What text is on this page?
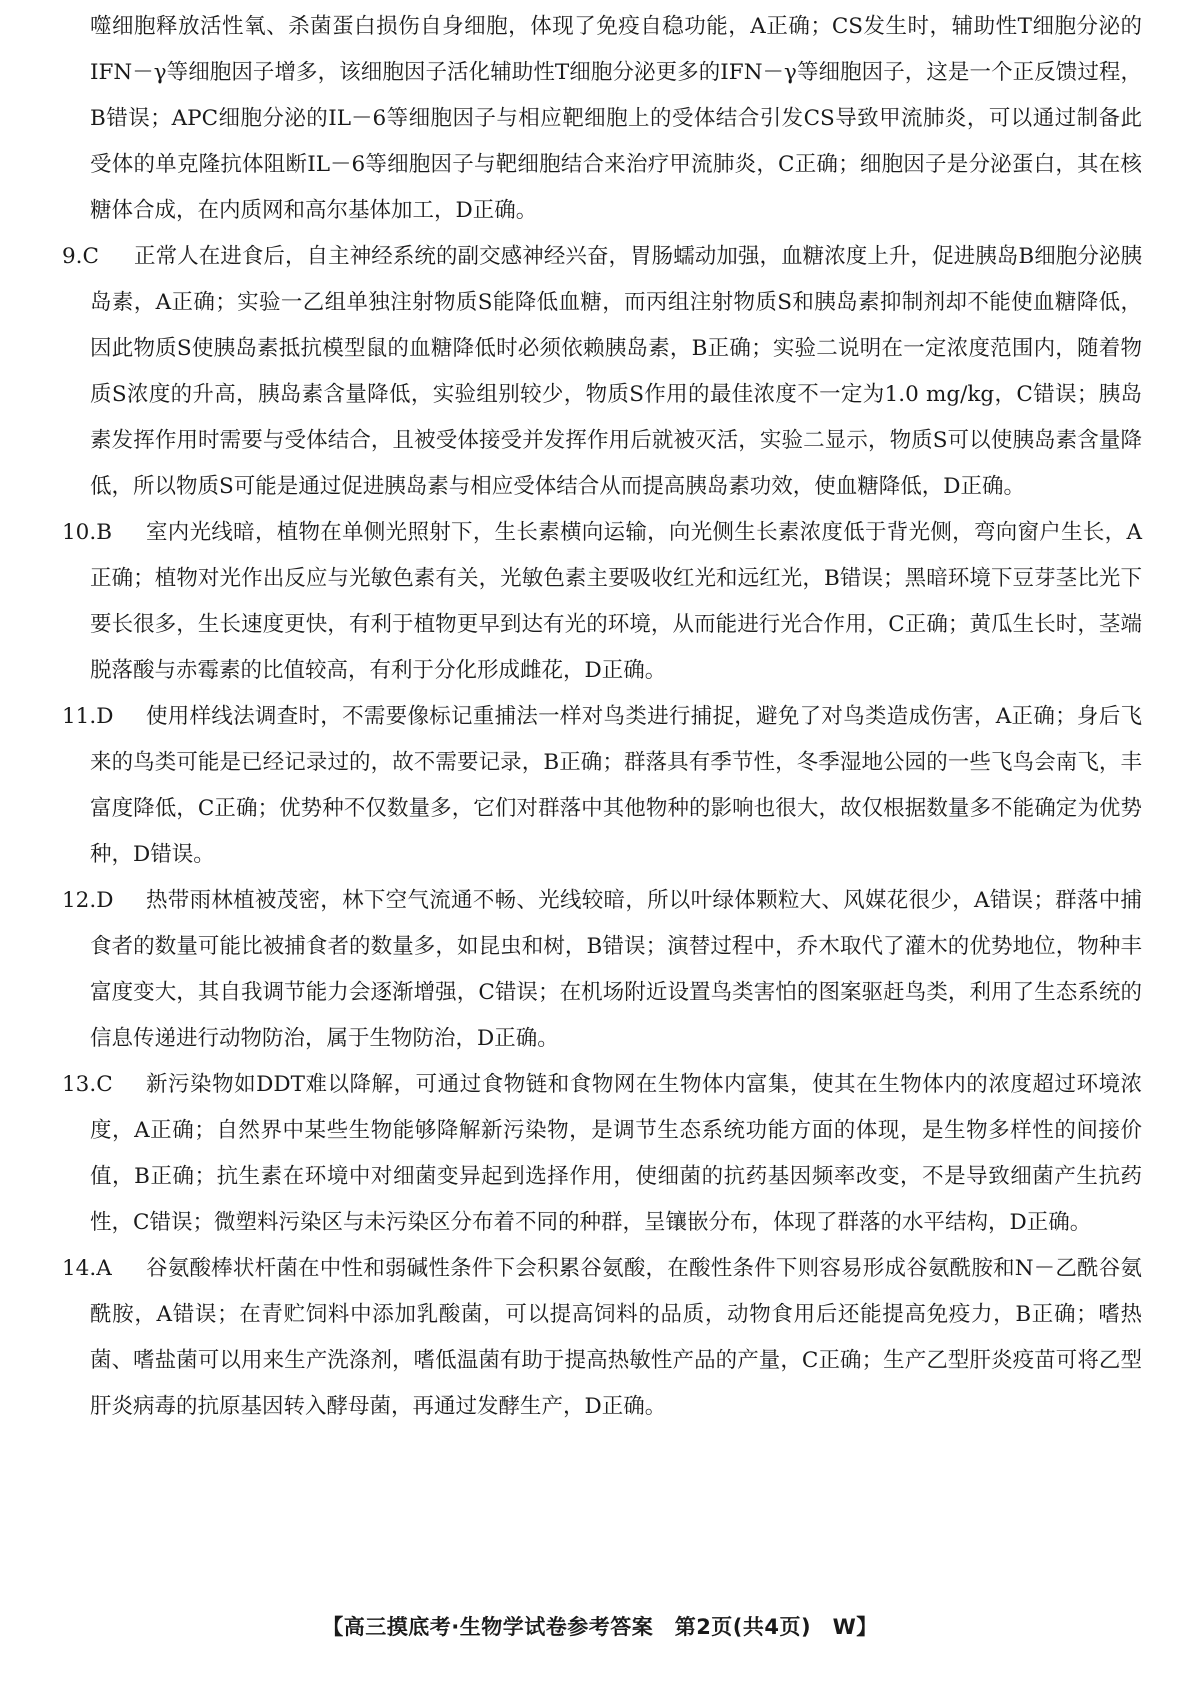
噬细胞释放活性氧、杀菌蛋白损伤自身细胞，体现了免疫自稳功能，A正确；CS发生时，辅助性T细胞分泌的IFN－γ等细胞因子增多，该细胞因子活化辅助性T细胞分泌更多的IFN－γ等细胞因子，这是一个正反馈过程，B错误；APC细胞分泌的IL－6等细胞因子与相应靶细胞上的受体结合引发CS导致甲流肺炎，可以通过制备此受体的单克隆抗体阻断IL－6等细胞因子与靶细胞结合来治疗甲流肺炎，C正确；细胞因子是分泌蛋白，其在核糖体合成，在内质网和高尔基体加工，D正确。

9.C	正常人在进食后，自主神经系统的副交感神经兴奋，胃肠蠕动加强，血糖浓度上升，促进胰岛B细胞分泌胰岛素，A正确；实验一乙组单独注射物质S能降低血糖，而丙组注射物质S和胰岛素抑制剂却不能使血糖降低，因此物质S使胰岛素抵抗模型鼠的血糖降低时必须依赖胰岛素，B正确；实验二说明在一定浓度范围内，随着物质S浓度的升高，胰岛素含量降低，实验组别较少，物质S作用的最佳浓度不一定为1.0 mg/kg，C错误；胰岛素发挥作用时需要与受体结合，且被受体接受并发挥作用后就被灭活，实验二显示，物质S可以使胰岛素含量降低，所以物质S可能是通过促进胰岛素与相应受体结合从而提高胰岛素功效，使血糖降低，D正确。

10.B	室内光线暗，植物在单侧光照射下，生长素横向运输，向光侧生长素浓度低于背光侧，弯向窗户生长，A正确；植物对光作出反应与光敏色素有关，光敏色素主要吸收红光和远红光，B错误；黑暗环境下豆芽茎比光下要长很多，生长速度更快，有利于植物更早到达有光的环境，从而能进行光合作用，C正确；黄瓜生长时，茎端脱落酸与赤霉素的比值较高，有利于分化形成雌花，D正确。

11.D	使用样线法调查时，不需要像标记重捕法一样对鸟类进行捕捉，避免了对鸟类造成伤害，A正确；身后飞来的鸟类可能是已经记录过的，故不需要记录，B正确；群落具有季节性，冬季湿地公园的一些飞鸟会南飞，丰富度降低，C正确；优势种不仅数量多，它们对群落中其他物种的影响也很大，故仅根据数量多不能确定为优势种，D错误。

12.D	热带雨林植被茂密，林下空气流通不畅、光线较暗，所以叶绿体颗粒大、风媒花很少，A错误；群落中捕食者的数量可能比被捕食者的数量多，如昆虫和树，B错误；演替过程中，乔木取代了灌木的优势地位，物种丰富度变大，其自我调节能力会逐渐增强，C错误；在机场附近设置鸟类害怕的图案驱赶鸟类，利用了生态系统的信息传递进行动物防治，属于生物防治，D正确。

13.C	新污染物如DDT难以降解，可通过食物链和食物网在生物体内富集，使其在生物体内的浓度超过环境浓度，A正确；自然界中某些生物能够降解新污染物，是调节生态系统功能方面的体现，是生物多样性的间接价值，B正确；抗生素在环境中对细菌变异起到选择作用，使细菌的抗药基因频率改变，不是导致细菌产生抗药性，C错误；微塑料污染区与未污染区分布着不同的种群，呈镶嵌分布，体现了群落的水平结构，D正确。

14.A	谷氨酸棒状杆菌在中性和弱碱性条件下会积累谷氨酸，在酸性条件下则容易形成谷氨酰胺和N－乙酰谷氨酰胺，A错误；在青贮饲料中添加乳酸菌，可以提高饲料的品质，动物食用后还能提高免疫力，B正确；嗜热菌、嗜盐菌可以用来生产洗涤剂，嗜低温菌有助于提高热敏性产品的产量，C正确；生产乙型肝炎疫苗可将乙型肝炎病毒的抗原基因转入酵母菌，再通过发酵生产，D正确。

【高三摸底考·生物学试卷参考答案　第2页(共4页)　W】
